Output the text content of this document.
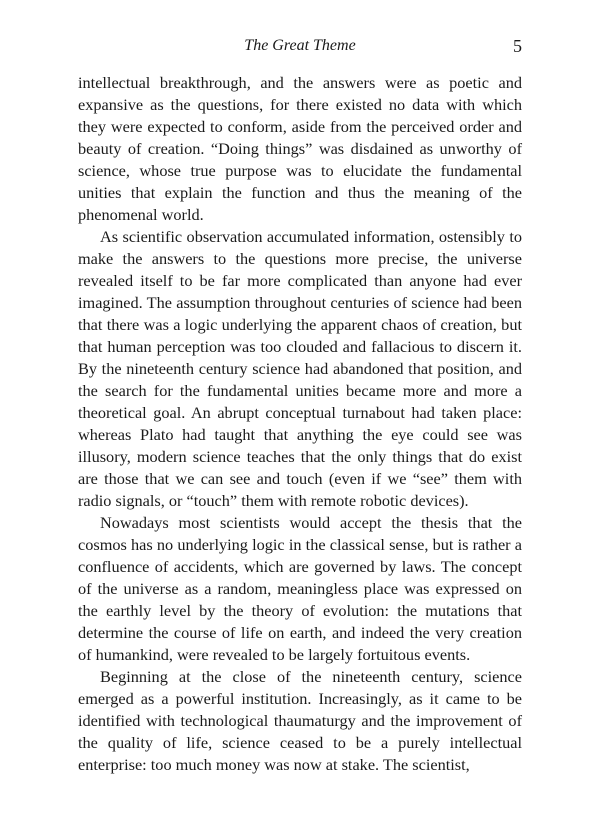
The Great Theme	5

intellectual breakthrough, and the answers were as poetic and expansive as the questions, for there existed no data with which they were expected to conform, aside from the perceived order and beauty of creation. “Doing things” was disdained as unworthy of science, whose true purpose was to elucidate the fundamental unities that explain the function and thus the meaning of the phenomenal world.

As scientific observation accumulated information, ostensibly to make the answers to the questions more precise, the universe revealed itself to be far more complicated than anyone had ever imagined. The assumption throughout centuries of science had been that there was a logic underlying the apparent chaos of creation, but that human perception was too clouded and fallacious to discern it. By the nineteenth century science had abandoned that position, and the search for the fundamental unities became more and more a theoretical goal. An abrupt conceptual turnabout had taken place: whereas Plato had taught that anything the eye could see was illusory, modern science teaches that the only things that do exist are those that we can see and touch (even if we “see” them with radio signals, or “touch” them with remote robotic devices).

Nowadays most scientists would accept the thesis that the cosmos has no underlying logic in the classical sense, but is rather a confluence of accidents, which are governed by laws. The concept of the universe as a random, meaningless place was expressed on the earthly level by the theory of evolution: the mutations that determine the course of life on earth, and indeed the very creation of humankind, were revealed to be largely fortuitous events.

Beginning at the close of the nineteenth century, science emerged as a powerful institution. Increasingly, as it came to be identified with technological thaumaturgy and the improvement of the quality of life, science ceased to be a purely intellectual enterprise: too much money was now at stake. The scientist,
